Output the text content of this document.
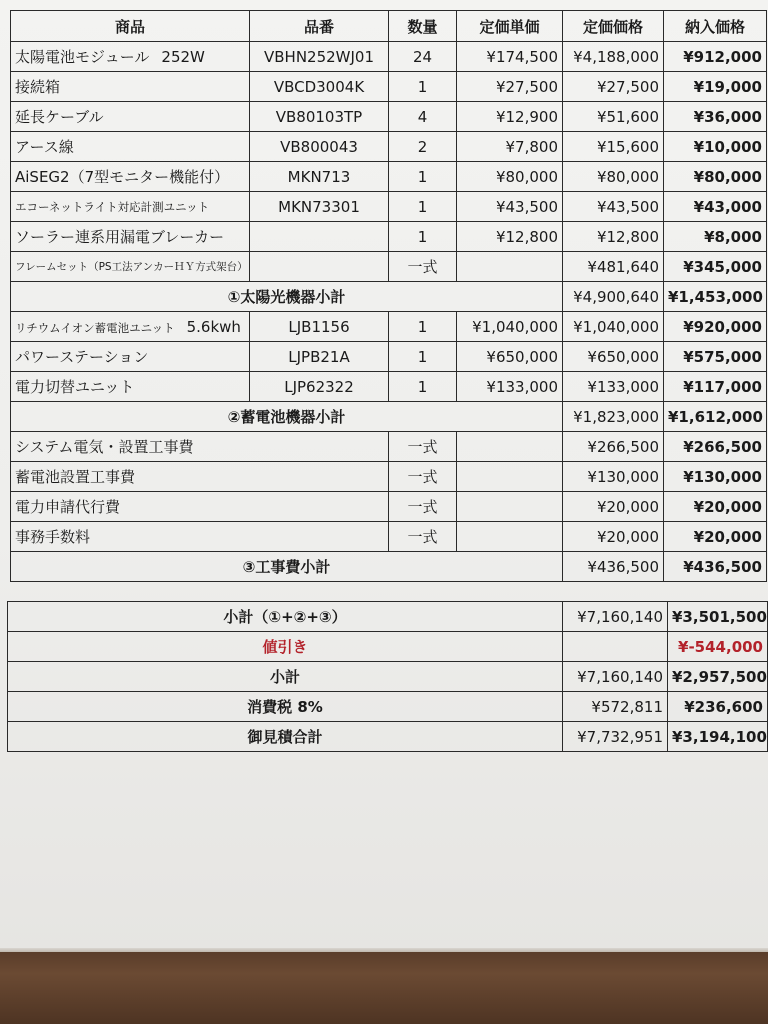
商品	品番	数量	定価単価	定価価格	納入価格
太陽電池モジュール 252W	VBHN252WJ01	24	¥174,500	¥4,188,000	¥912,000
接続箱	VBCD3004K	1	¥27,500	¥27,500	¥19,000
延長ケーブル	VB80103TP	4	¥12,900	¥51,600	¥36,000
アース線	VB800043	2	¥7,800	¥15,600	¥10,000
AiSEG2（7型モニター機能付）	MKN713	1	¥80,000	¥80,000	¥80,000
エコーネットライト対応計測ユニット	MKN73301	1	¥43,500	¥43,500	¥43,000
ソーラー連系用漏電ブレーカー		1	¥12,800	¥12,800	¥8,000
フレームセット（PS工法アンカーＨＹ方式架台）		一式		¥481,640	¥345,000
①太陽光機器小計				¥4,900,640	¥1,453,000
リチウムイオン蓄電池ユニット 5.6kwh	LJB1156	1	¥1,040,000	¥1,040,000	¥920,000
パワーステーション	LJPB21A	1	¥650,000	¥650,000	¥575,000
電力切替ユニット	LJP62322	1	¥133,000	¥133,000	¥117,000
②蓄電池機器小計				¥1,823,000	¥1,612,000
システム電気・設置工事費		一式		¥266,500	¥266,500
蓄電池設置工事費		一式		¥130,000	¥130,000
電力申請代行費		一式		¥20,000	¥20,000
事務手数料		一式		¥20,000	¥20,000
③工事費小計				¥436,500	¥436,500
小計（①+②+③）	¥7,160,140	¥3,501,500
値引き		¥-544,000
小計	¥7,160,140	¥2,957,500
消費税 8%	¥572,811	¥236,600
御見積合計	¥7,732,951	¥3,194,100
